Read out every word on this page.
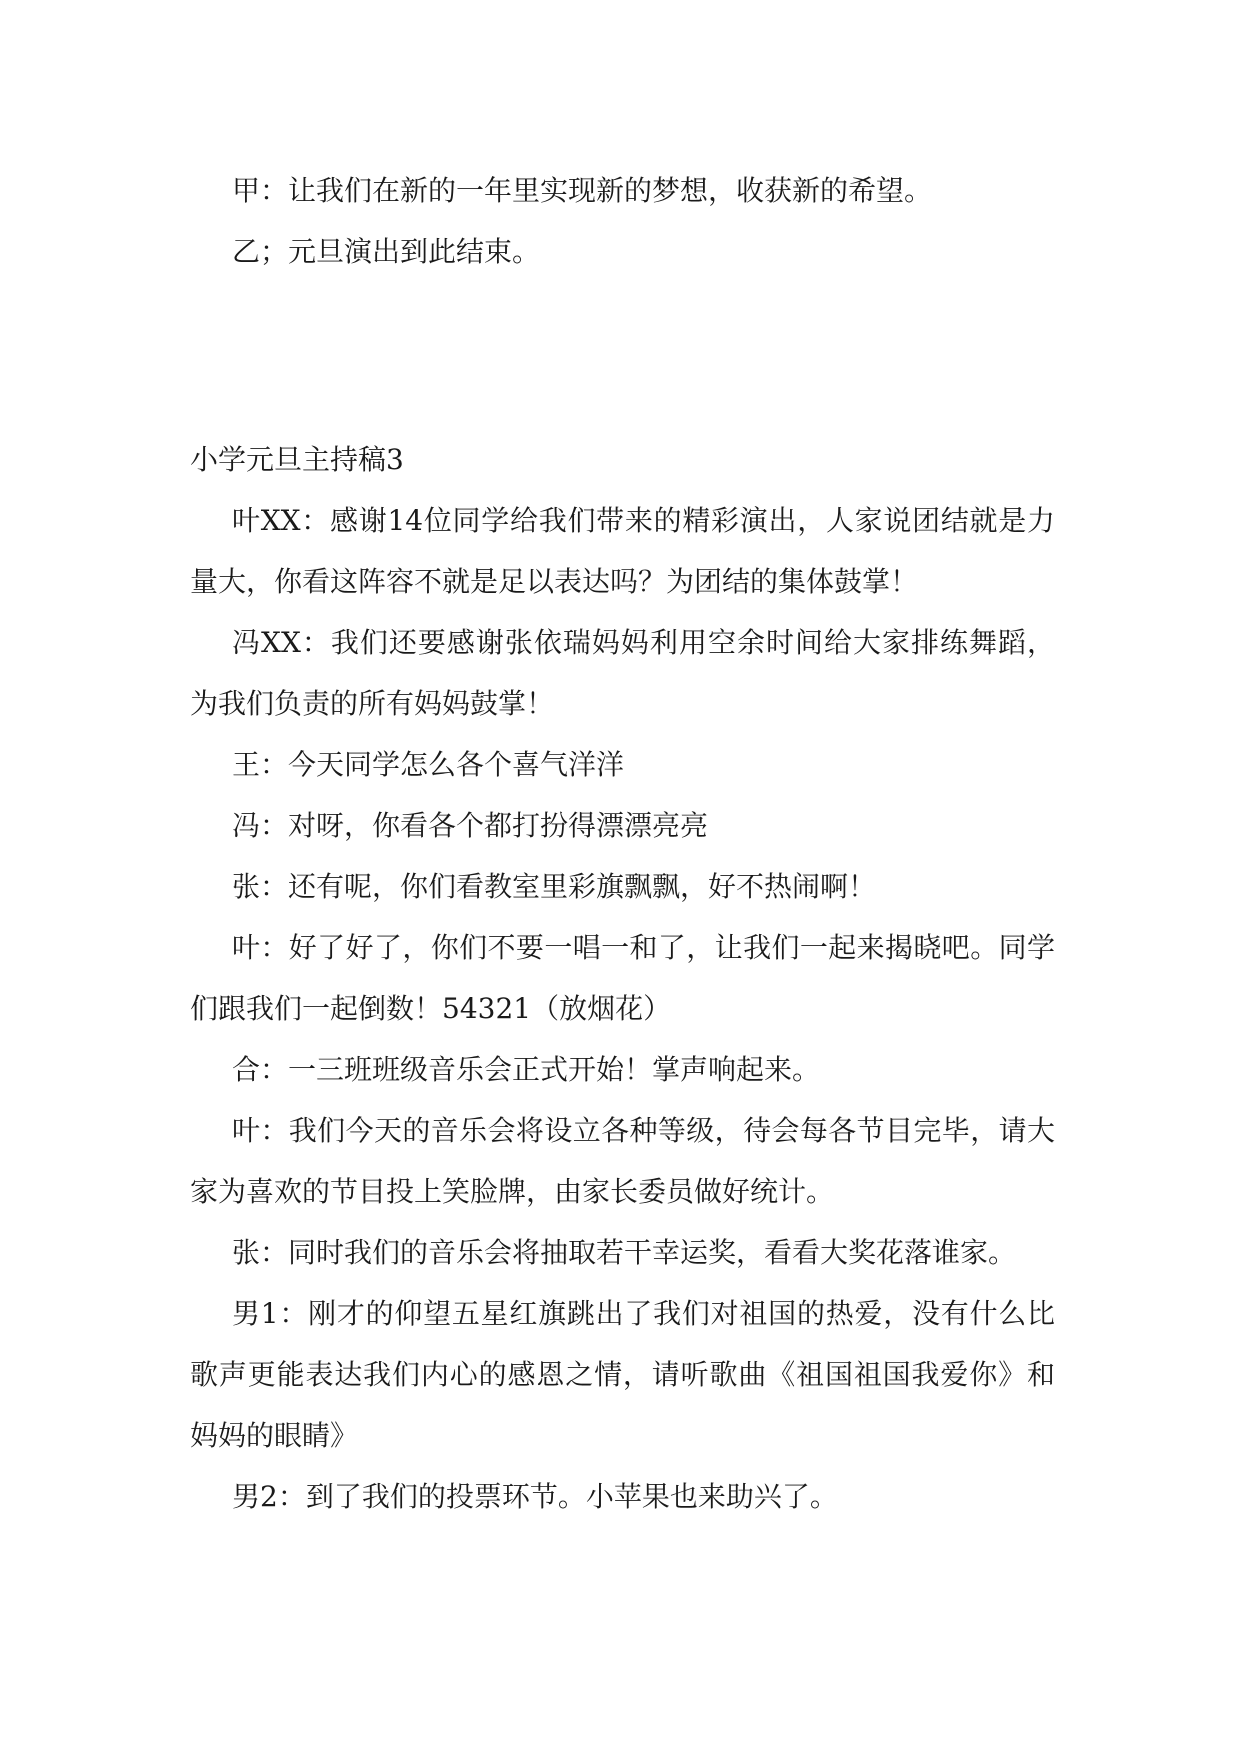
甲：让我们在新的一年里实现新的梦想，收获新的希望。

乙；元旦演出到此结束。

小学元旦主持稿3

叶XX：感谢14位同学给我们带来的精彩演出，人家说团结就是力量大，你看这阵容不就是足以表达吗？为团结的集体鼓掌！

冯XX：我们还要感谢张依瑞妈妈利用空余时间给大家排练舞蹈，为我们负责的所有妈妈鼓掌！

王：今天同学怎么各个喜气洋洋

冯：对呀，你看各个都打扮得漂漂亮亮

张：还有呢，你们看教室里彩旗飘飘，好不热闹啊！

叶：好了好了，你们不要一唱一和了，让我们一起来揭晓吧。同学们跟我们一起倒数！54321（放烟花）

合：一三班班级音乐会正式开始！掌声响起来。

叶：我们今天的音乐会将设立各种等级，待会每各节目完毕，请大家为喜欢的节目投上笑脸牌，由家长委员做好统计。

张：同时我们的音乐会将抽取若干幸运奖，看看大奖花落谁家。

男1：刚才的仰望五星红旗跳出了我们对祖国的热爱，没有什么比歌声更能表达我们内心的感恩之情，请听歌曲《祖国祖国我爱你》和妈妈的眼睛》

男2：到了我们的投票环节。小苹果也来助兴了。
